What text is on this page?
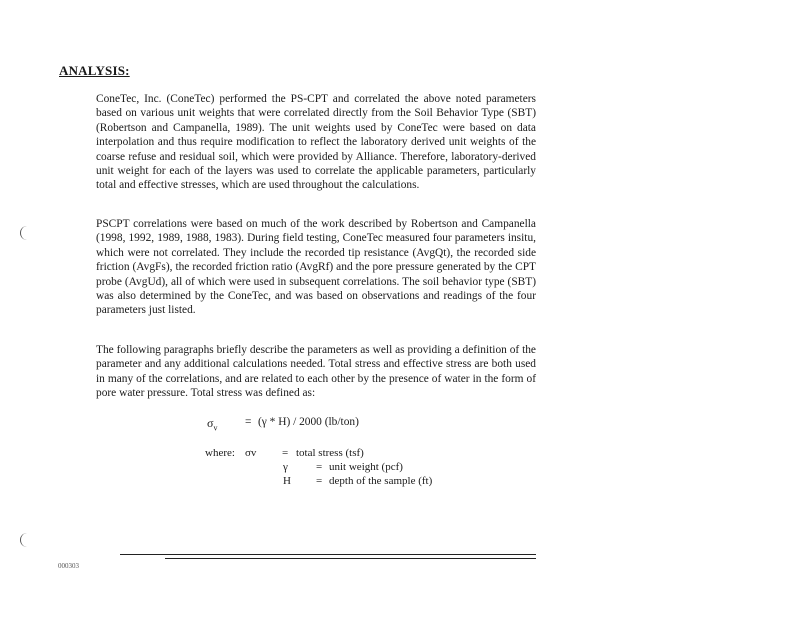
ANALYSIS:
ConeTec, Inc. (ConeTec) performed the PS-CPT and correlated the above noted parameters based on various unit weights that were correlated directly from the Soil Behavior Type (SBT) (Robertson and Campanella, 1989). The unit weights used by ConeTec were based on data interpolation and thus require modification to reflect the laboratory derived unit weights of the coarse refuse and residual soil, which were provided by Alliance. Therefore, laboratory-derived unit weight for each of the layers was used to correlate the applicable parameters, particularly total and effective stresses, which are used throughout the calculations.
PSCPT correlations were based on much of the work described by Robertson and Campanella (1998, 1992, 1989, 1988, 1983). During field testing, ConeTec measured four parameters insitu, which were not correlated. They include the recorded tip resistance (AvgQt), the recorded side friction (AvgFs), the recorded friction ratio (AvgRf) and the pore pressure generated by the CPT probe (AvgUd), all of which were used in subsequent correlations. The soil behavior type (SBT) was also determined by the ConeTec, and was based on observations and readings of the four parameters just listed.
The following paragraphs briefly describe the parameters as well as providing a definition of the parameter and any additional calculations needed. Total stress and effective stress are both used in many of the correlations, and are related to each other by the presence of water in the form of pore water pressure. Total stress was defined as:
$\sigma_v = (\gamma * H) / 2000$ (lb/ton)
where: σv = total stress (tsf)
γ	= unit weight (pcf)
H = depth of the sample (ft)
000303
